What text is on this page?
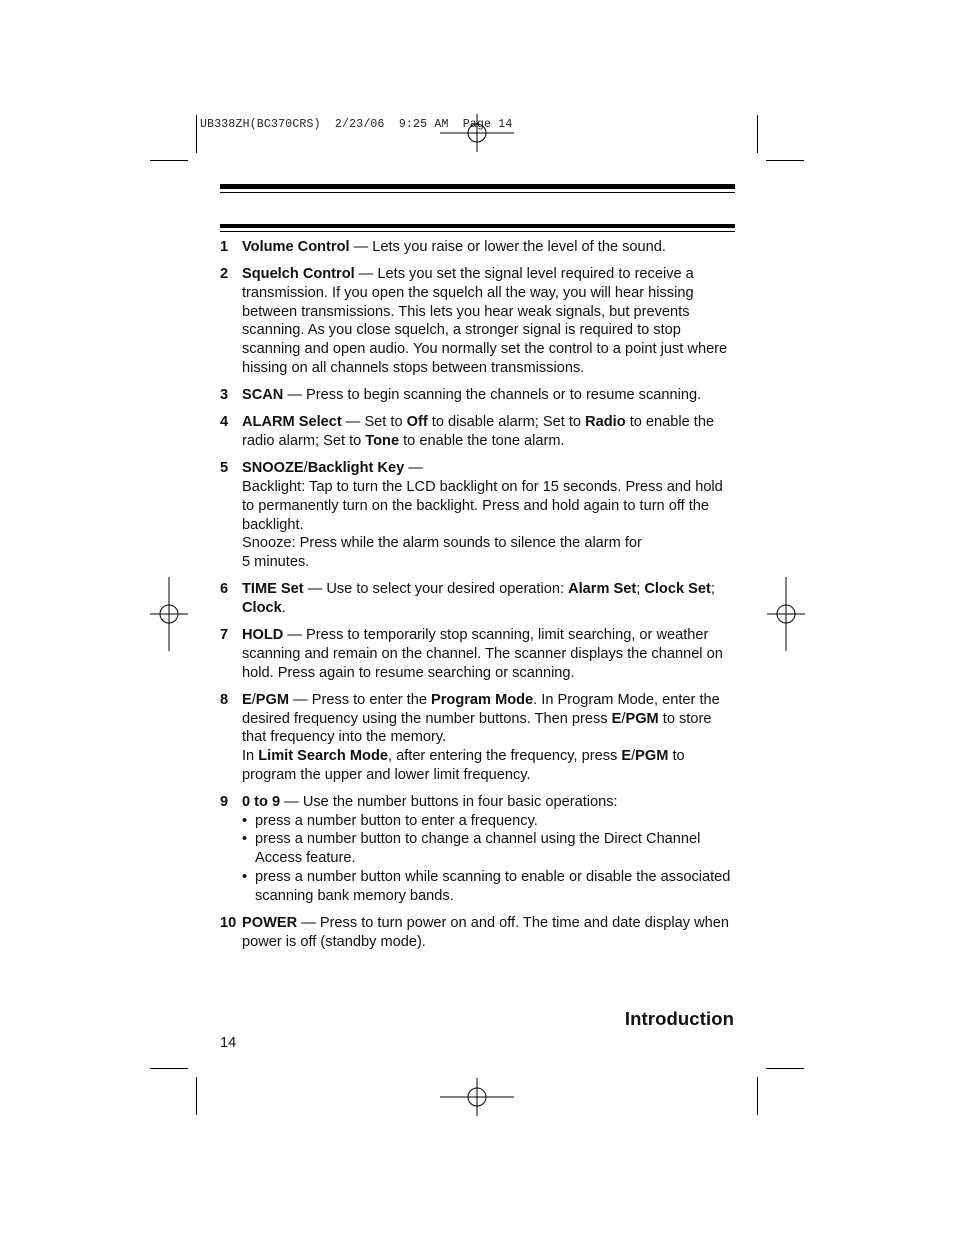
UB338ZH(BC370CRS)  2/23/06  9:25 AM  Page 14
1 Volume Control — Lets you raise or lower the level of the sound.
2 Squelch Control — Lets you set the signal level required to receive a transmission. If you open the squelch all the way, you will hear hissing between transmissions. This lets you hear weak signals, but prevents scanning. As you close squelch, a stronger signal is required to stop scanning and open audio. You normally set the control to a point just where hissing on all channels stops between transmissions.
3 SCAN — Press to begin scanning the channels or to resume scanning.
4 ALARM Select — Set to Off to disable alarm; Set to Radio to enable the radio alarm; Set to Tone to enable the tone alarm.
5 SNOOZE/Backlight Key —
Backlight: Tap to turn the LCD backlight on for 15 seconds. Press and hold to permanently turn on the backlight. Press and hold again to turn off the backlight.
Snooze: Press while the alarm sounds to silence the alarm for
5 minutes.
6 TIME Set — Use to select your desired operation: Alarm Set; Clock Set; Clock.
7 HOLD — Press to temporarily stop scanning, limit searching, or weather scanning and remain on the channel. The scanner displays the channel on hold. Press again to resume searching or scanning.
8 E/PGM — Press to enter the Program Mode. In Program Mode, enter the desired frequency using the number buttons. Then press E/PGM to store that frequency into the memory.
In Limit Search Mode, after entering the frequency, press E/PGM to program the upper and lower limit frequency.
9 0 to 9 — Use the number buttons in four basic operations:
• press a number button to enter a frequency.
• press a number button to change a channel using the Direct Channel Access feature.
• press a number button while scanning to enable or disable the associated scanning bank memory bands.
10 POWER — Press to turn power on and off. The time and date display when power is off (standby mode).
Introduction
14
